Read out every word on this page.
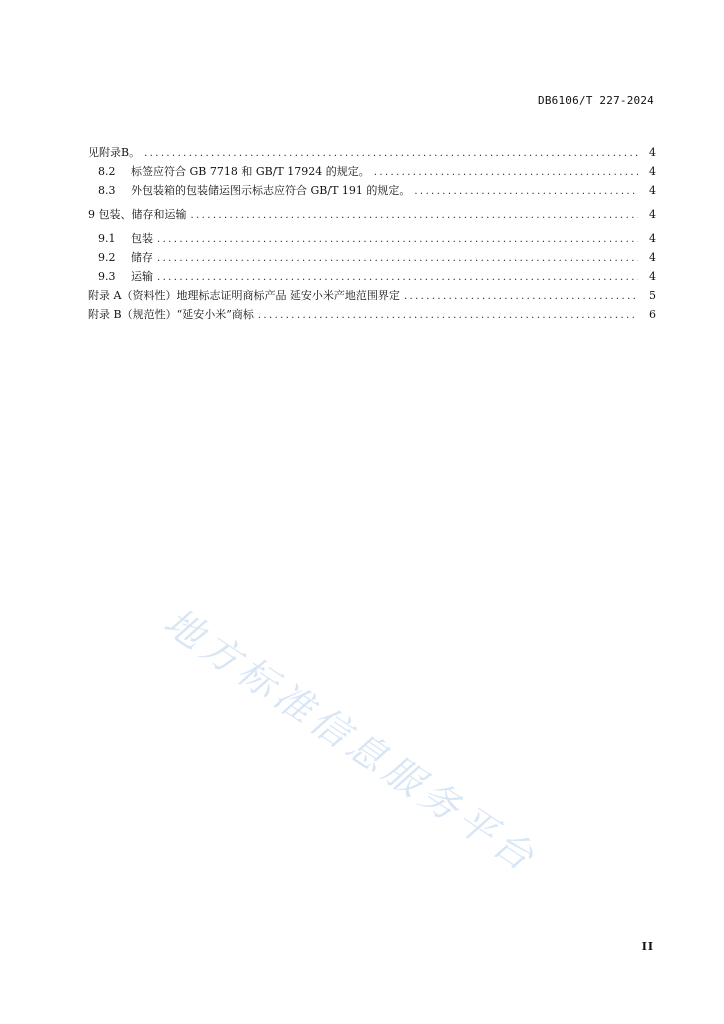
DB6106/T 227-2024
见附录B。 .....	4
8.2	标签应符合 GB 7718 和 GB/T 17924 的规定。 .....	4
8.3	外包装箱的包装储运图示标志应符合 GB/T 191 的规定。 .....	4
9 包装、储存和运输 .....	4
9.1	包装 .....	4
9.2	储存 .....	4
9.3	运输 .....	4
附录 A（资料性）地理标志证明商标产品 延安小米产地范围界定 .....	5
附录 B（规范性）“延安小米”商标 .....	6
地方标准信息服务平台
II
